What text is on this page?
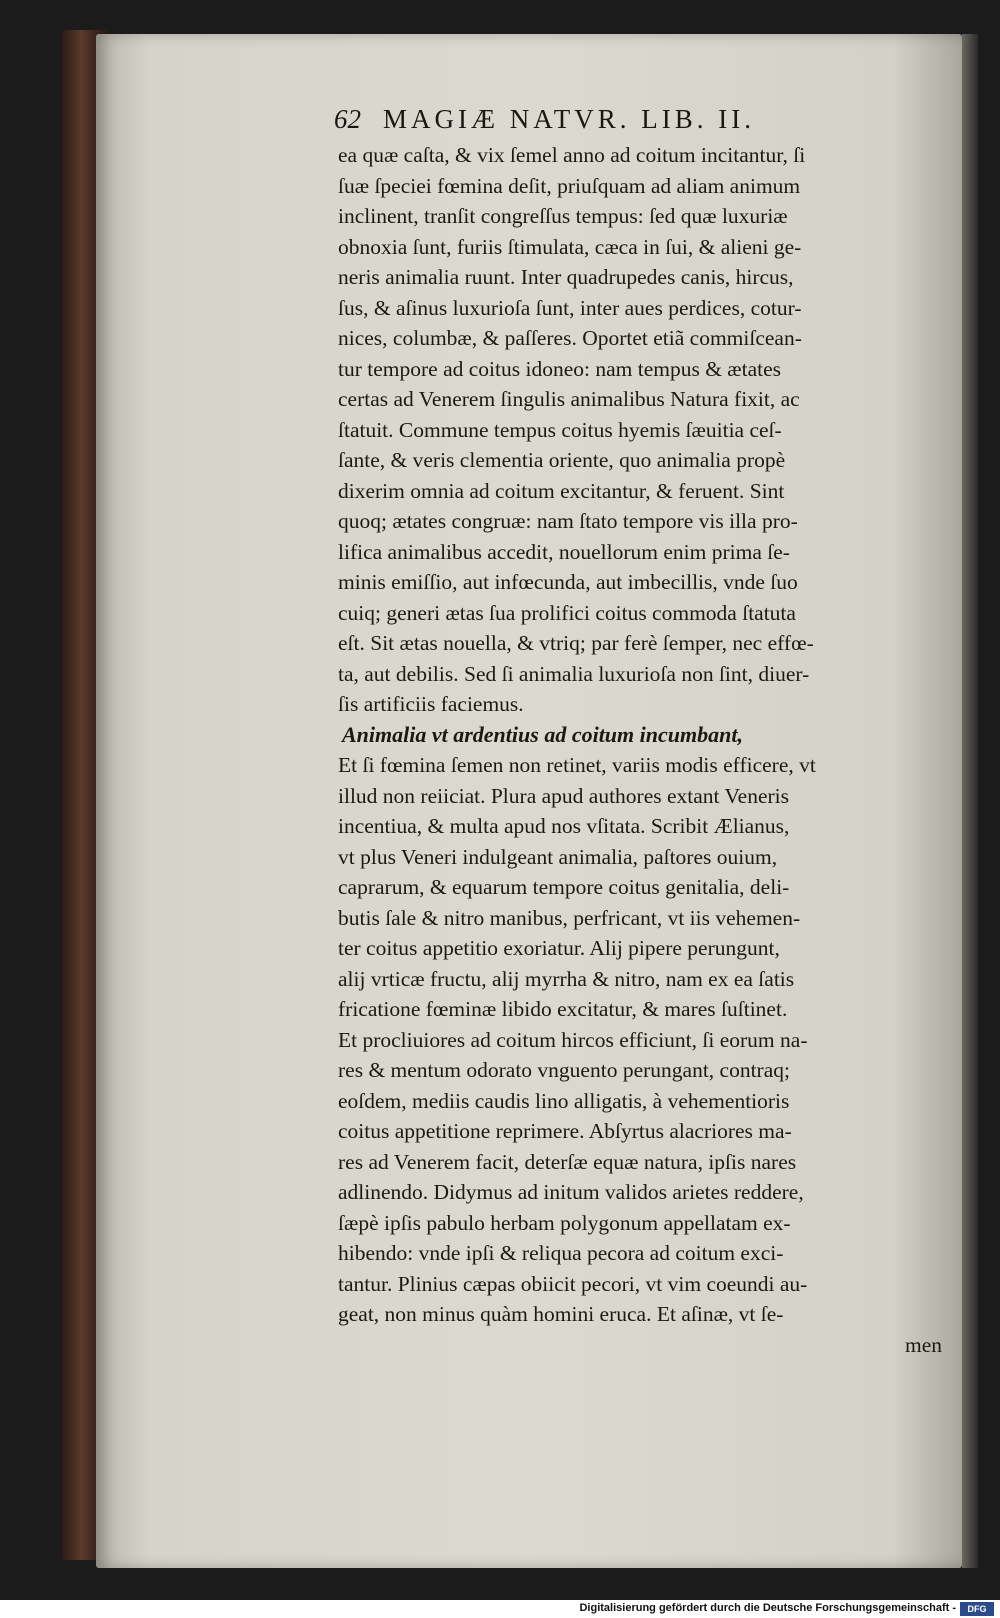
62 MAGIÆ NATVR. LIB. II.
ea quæ caſta, & vix ſemel anno ad coitum incitantur, ſi
ſuæ ſpeciei fœmina deſit, priuſquam ad aliam animum
inclinent, tranſit congreſſus tempus: ſed quæ luxuriæ
obnoxia ſunt, furiis ſtimulata, cæca in ſui, & alieni ge-
neris animalia ruunt. Inter quadrupedes canis, hircus,
ſus, & aſinus luxurioſa ſunt, inter aues perdices, cotur-
nices, columbæ, & paſſeres. Oportet etiã commiſcean-
tur tempore ad coitus idoneo: nam tempus & ætates
certas ad Venerem ſingulis animalibus Natura fixit, ac
ſtatuit. Commune tempus coitus hyemis ſæuitia ceſ-
ſante, & veris clementia oriente, quo animalia propè
dixerim omnia ad coitum excitantur, & feruent. Sint
quoq; ætates congruæ: nam ſtato tempore vis illa pro-
lifica animalibus accedit, nouellorum enim prima ſe-
minis emiſſio, aut infœcunda, aut imbecillis, vnde ſuo
cuiq; generi ætas ſua prolifici coitus commoda ſtatuta
eſt. Sit ætas nouella, & vtriq; par ferè ſemper, nec effœ-
ta, aut debilis. Sed ſi animalia luxurioſa non ſint, diuer-
ſis artificiis faciemus.
Animalia vt ardentius ad coitum incumbant,
Et ſi fœmina ſemen non retinet, variis modis efficere, vt
illud non reiiciat. Plura apud authores extant Veneris
incentiua, & multa apud nos vſitata. Scribit Ælianus,
vt plus Veneri indulgeant animalia, paſtores ouium,
caprarum, & equarum tempore coitus genitalia, deli-
butis ſale & nitro manibus, perfricant, vt iis vehemen-
ter coitus appetitio exoriatur. Alij pipere perungunt,
alij vrticæ fructu, alij myrrha & nitro, nam ex ea ſatis
fricatione fœminæ libido excitatur, & mares ſuſtinet.
Et procliuiores ad coitum hircos efficiunt, ſi eorum na-
res & mentum odorato vnguento perungant, contraq;
eoſdem, mediis caudis lino alligatis, à vehementioris
coitus appetitione reprimere. Abſyrtus alacriores ma-
res ad Venerem facit, deterſæ equæ natura, ipſis nares
adlinendo. Didymus ad initum validos arietes reddere,
ſæpè ipſis pabulo herbam polygonum appellatam ex-
hibendo: vnde ipſi & reliqua pecora ad coitum exci-
tantur. Plinius cæpas obiicit pecori, vt vim coeundi au-
geat, non minus quàm homini eruca. Et aſinæ, vt ſe-
men
Digitalisierung gefördert durch die Deutsche Forschungsgemeinschaft -	DFG
